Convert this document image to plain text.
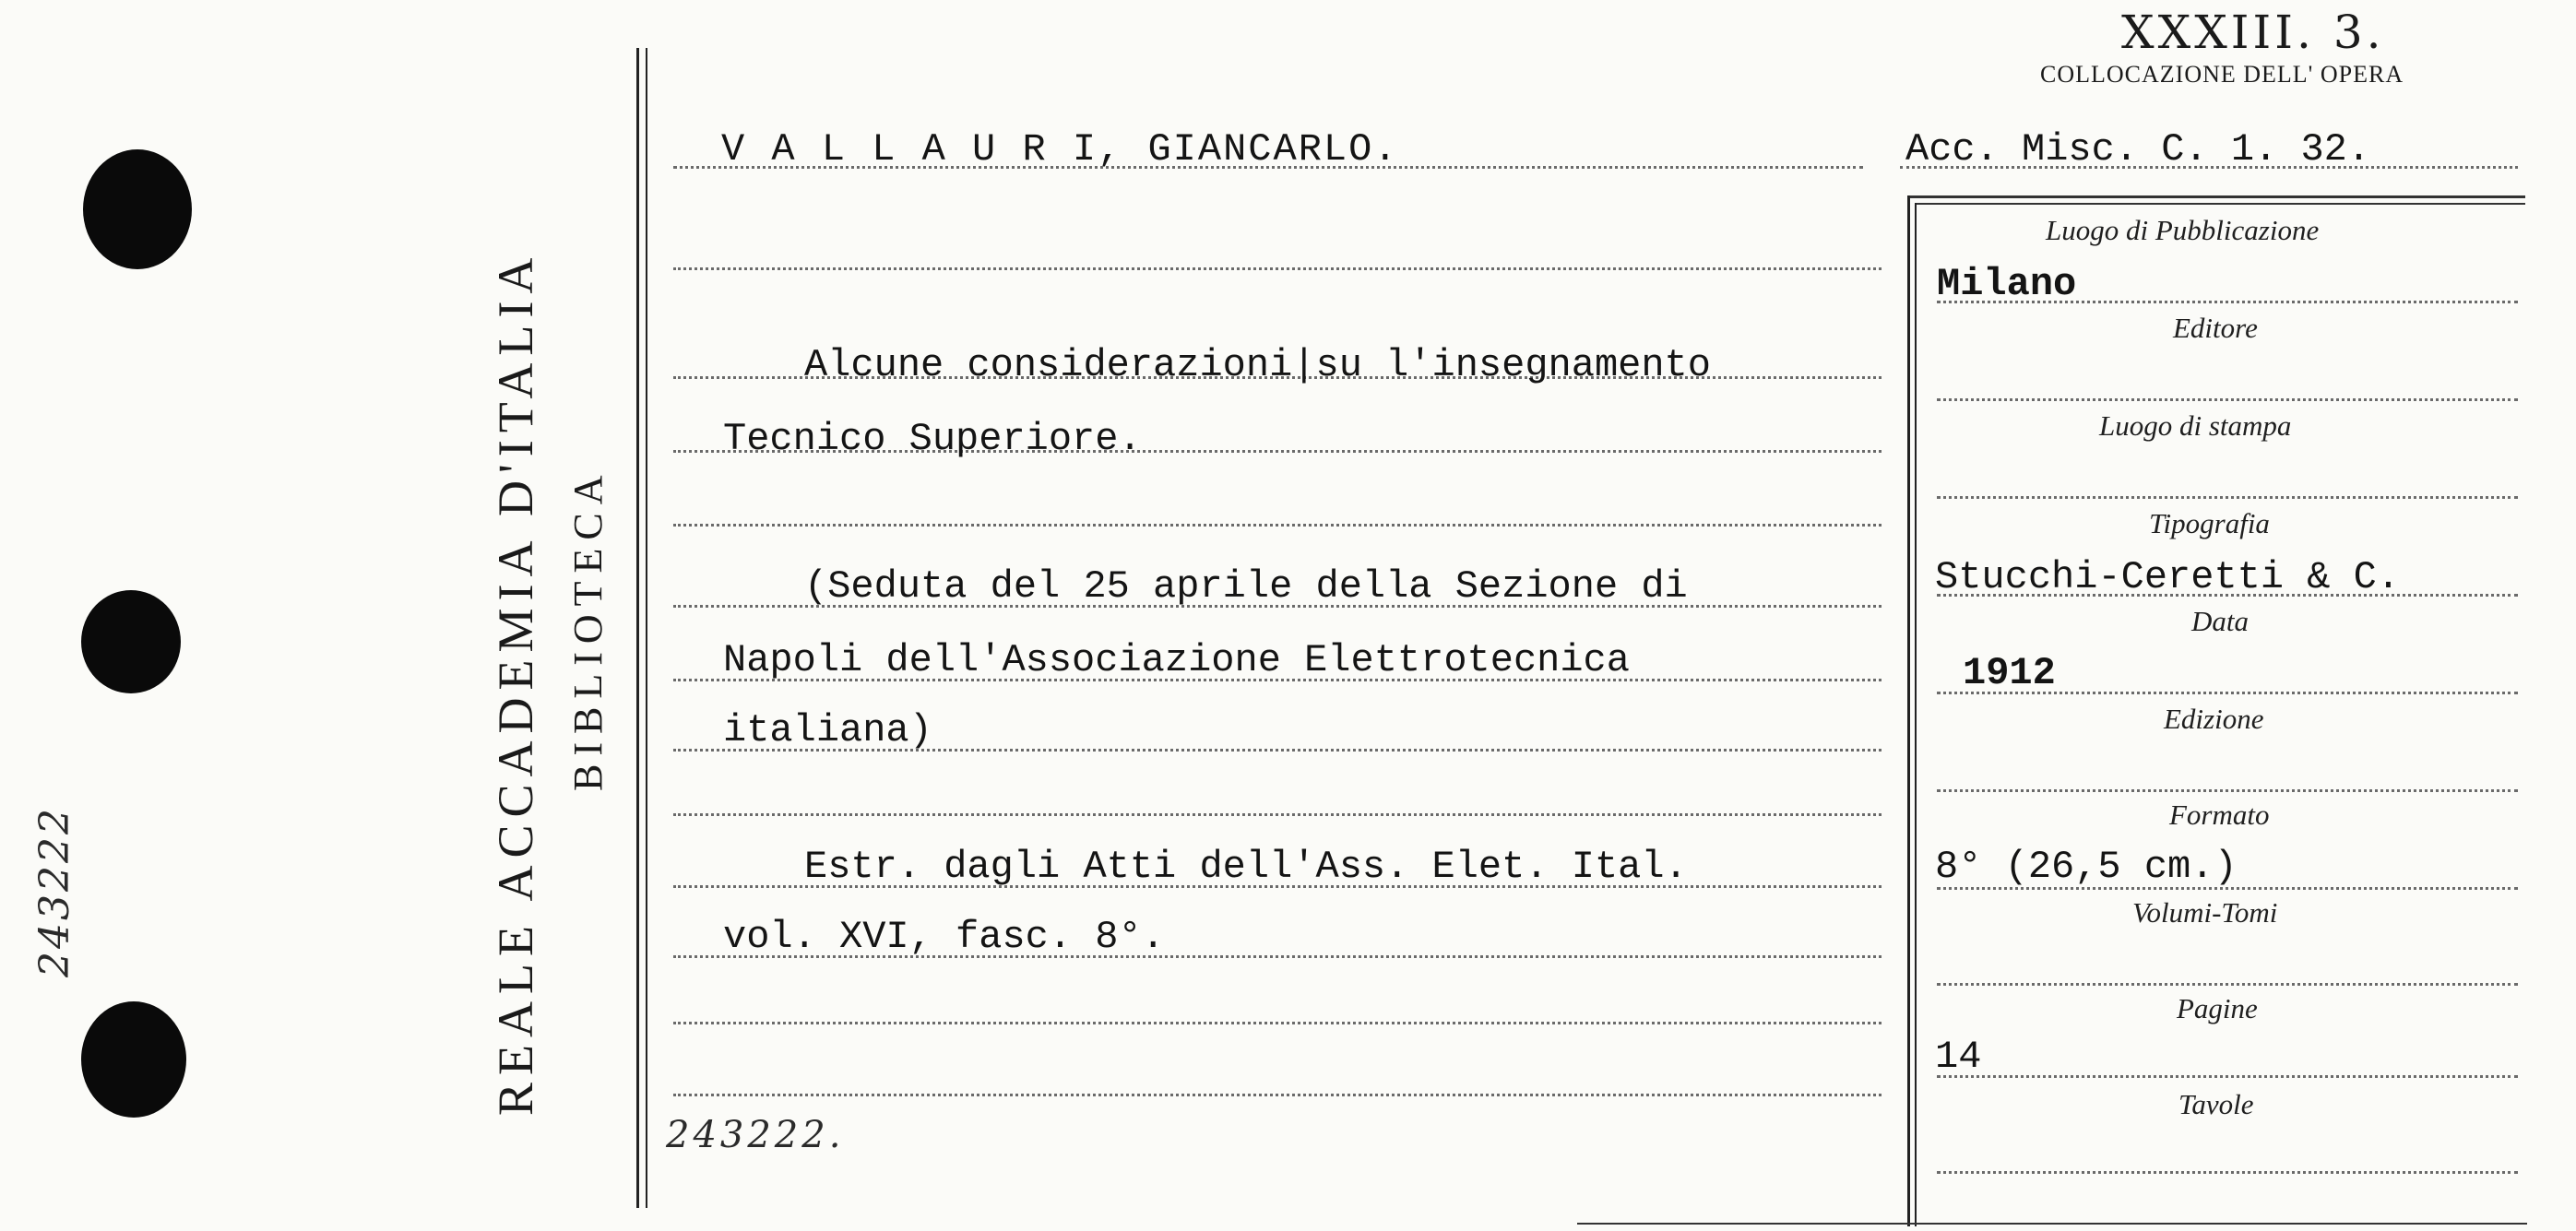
REALE ACCADEMIA D'ITALIA BIBLIOTECA
243222
XXXIII. 3.
COLLOCAZIONE DELL' OPERA
V A L L A U R I, GIANCARLO.	Acc. Misc. C. 1. 32.
Alcune considerazioni|su l'insegnamento
Tecnico Superiore.
(Seduta del 25 aprile della Sezione di
Napoli dell'Associazione Elettrotecnica
italiana)
Estr. dagli Atti dell'Ass. Elet. Ital.
vol. XVI, fasc. 8°.
243222.
Luogo di Pubblicazione
Editore
Luogo di stampa
Tipografia
Data
Edizione
Formato
Volumi-Tomi
Pagine
Tavole
Milano
Stucchi-Ceretti & C.
1912
8° (26,5 cm.)
14
